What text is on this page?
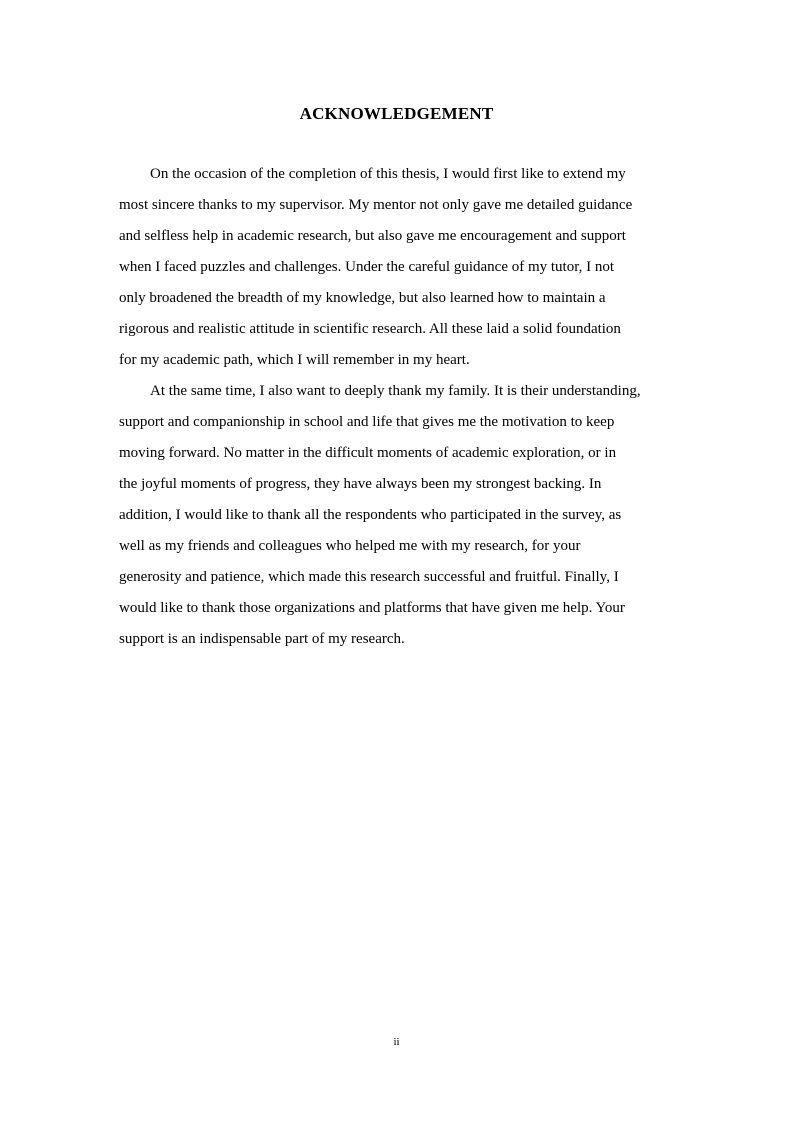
ACKNOWLEDGEMENT

On the occasion of the completion of this thesis, I would first like to extend my
most sincere thanks to my supervisor. My mentor not only gave me detailed guidance
and selfless help in academic research, but also gave me encouragement and support
when I faced puzzles and challenges. Under the careful guidance of my tutor, I not
only broadened the breadth of my knowledge, but also learned how to maintain a
rigorous and realistic attitude in scientific research. All these laid a solid foundation
for my academic path, which I will remember in my heart.

At the same time, I also want to deeply thank my family. It is their understanding,
support and companionship in school and life that gives me the motivation to keep
moving forward. No matter in the difficult moments of academic exploration, or in
the joyful moments of progress, they have always been my strongest backing. In
addition, I would like to thank all the respondents who participated in the survey, as
well as my friends and colleagues who helped me with my research, for your
generosity and patience, which made this research successful and fruitful. Finally, I
would like to thank those organizations and platforms that have given me help. Your
support is an indispensable part of my research.

ii
